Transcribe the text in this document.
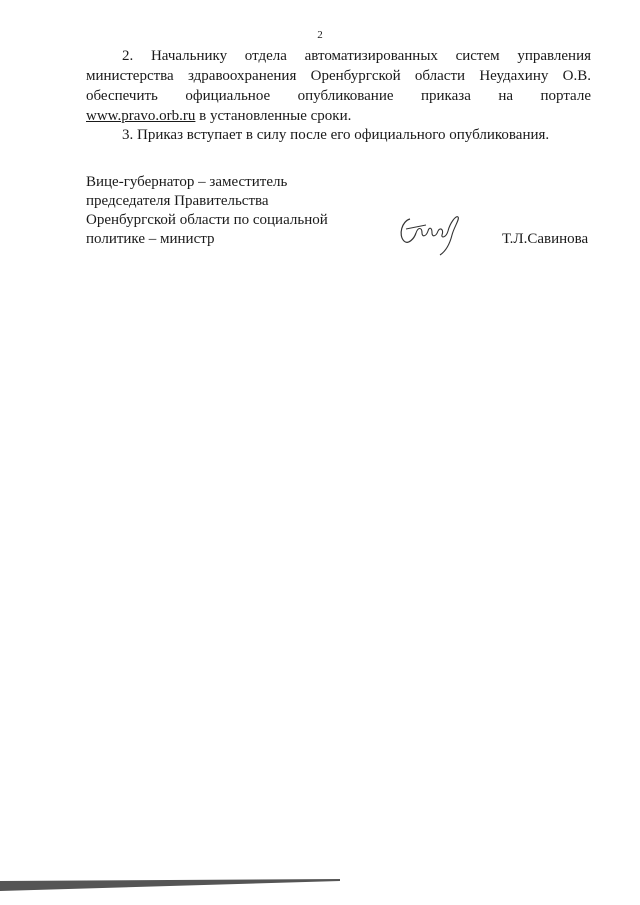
2
2. Начальнику отдела автоматизированных систем управления
министерства здравоохранения Оренбургской области Неудахину О.В.
обеспечить официальное опубликование приказа на портале
www.pravo.orb.ru в установленные сроки.
3. Приказ вступает в силу после его официального опубликования.
Вице-губернатор – заместитель
председателя Правительства
Оренбургской области по социальной
политике – министр	Т.Л.Савинова
